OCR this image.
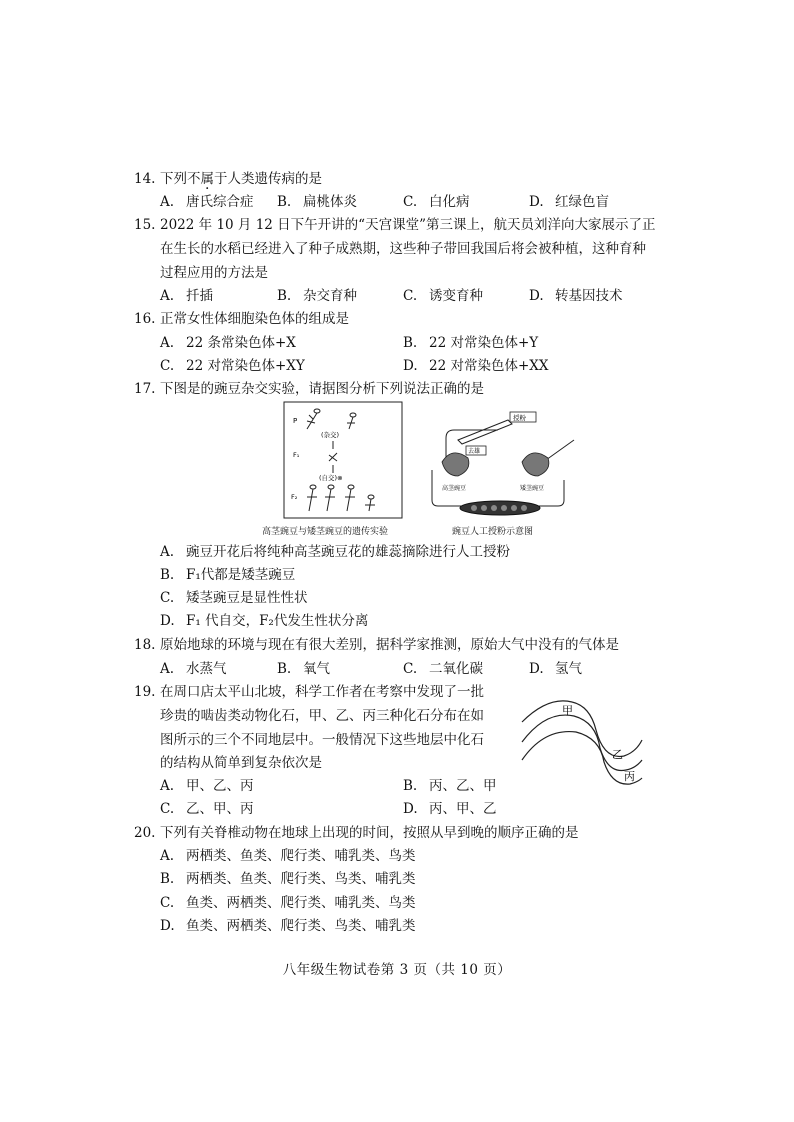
14. 下列不属于人类遗传病的是
A. 唐氏综合症 B. 扁桃体炎	C. 白化病	D. 红绿色盲
15. 2022 年 10 月 12 日下午开讲的“天宫课堂”第三课上，航天员刘洋向大家展示了正
在生长的水稻已经进入了种子成熟期，这些种子带回我国后将会被种植，这种育种
过程应用的方法是
A. 扦插	B. 杂交育种	C. 诱变育种	D. 转基因技术
16. 正常女性体细胞染色体的组成是
A. 22 条常染色体+X	B. 22 对常染色体+Y
C. 22 对常染色体+XY	D. 22 对常染色体+XX
17. 下图是的豌豆杂交实验，请据图分析下列说法正确的是
P
(杂交)
F₁
(自交)⊗
F₂
高茎豌豆与矮茎豌豆的遗传实验
授粉
去雄
高茎豌豆	矮茎豌豆
豌豆人工授粉示意图
A. 豌豆开花后将纯种高茎豌豆花的雄蕊摘除进行人工授粉
B. F₁代都是矮茎豌豆
C. 矮茎豌豆是显性性状
D. F₁ 代自交，F₂代发生性状分离
18. 原始地球的环境与现在有很大差别，据科学家推测，原始大气中没有的气体是
A. 水蒸气	B. 氧气	C. 二氧化碳	D. 氢气
19. 在周口店太平山北坡，科学工作者在考察中发现了一批
珍贵的啮齿类动物化石，甲、乙、丙三种化石分布在如
图所示的三个不同地层中。一般情况下这些地层中化石
的结构从简单到复杂依次是
甲
乙
丙
A. 甲、乙、丙	B. 丙、乙、甲
C. 乙、甲、丙	D. 丙、甲、乙
20. 下列有关脊椎动物在地球上出现的时间，按照从早到晚的顺序正确的是
A. 两栖类、鱼类、爬行类、哺乳类、鸟类
B. 两栖类、鱼类、爬行类、鸟类、哺乳类
C. 鱼类、两栖类、爬行类、哺乳类、鸟类
D. 鱼类、两栖类、爬行类、鸟类、哺乳类
八年级生物试卷第 3 页（共 10 页）
